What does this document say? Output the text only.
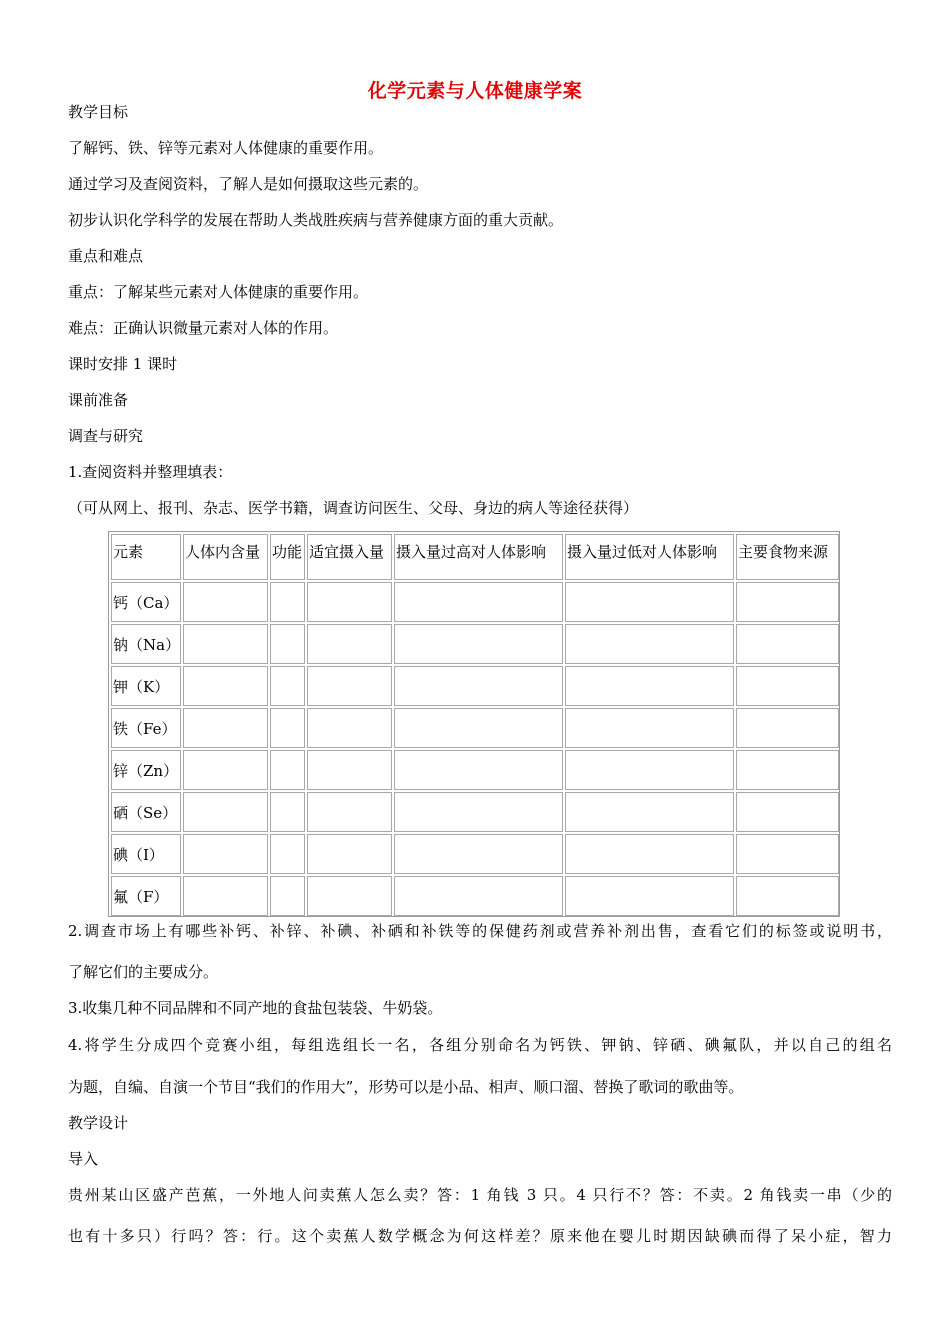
化学元素与人体健康学案
教学目标
了解钙、铁、锌等元素对人体健康的重要作用。
通过学习及查阅资料，了解人是如何摄取这些元素的。
初步认识化学科学的发展在帮助人类战胜疾病与营养健康方面的重大贡献。
重点和难点
重点：了解某些元素对人体健康的重要作用。
难点：正确认识微量元素对人体的作用。
课时安排 1 课时
课前准备
调查与研究
1.查阅资料并整理填表：
（可从网上、报刊、杂志、医学书籍，调查访问医生、父母、身边的病人等途径获得）
元素	人体内含量	功能	适宜摄入量	摄入量过高对人体影响	摄入量过低对人体影响	主要食物来源
钙（Ca）						
钠（Na）						
钾（K）						
铁（Fe）						
锌（Zn）						
硒（Se）						
碘（I）						
氟（F）						
2.调查市场上有哪些补钙、补锌、补碘、补硒和补铁等的保健药剂或营养补剂出售，查看它们的标签或说明书，
了解它们的主要成分。
3.收集几种不同品牌和不同产地的食盐包装袋、牛奶袋。
4.将学生分成四个竞赛小组，每组选组长一名，各组分别命名为钙铁、钾钠、锌硒、碘氟队，并以自己的组名
为题，自编、自演一个节目“我们的作用大”，形势可以是小品、相声、顺口溜、替换了歌词的歌曲等。
教学设计
导入
贵州某山区盛产芭蕉，一外地人问卖蕉人怎么卖？答：1 角钱 3 只。4 只行不？答：不卖。2 角钱卖一串（少的
也有十多只）行吗？答：行。这个卖蕉人数学概念为何这样差？原来他在婴儿时期因缺碘而得了呆小症，智力
